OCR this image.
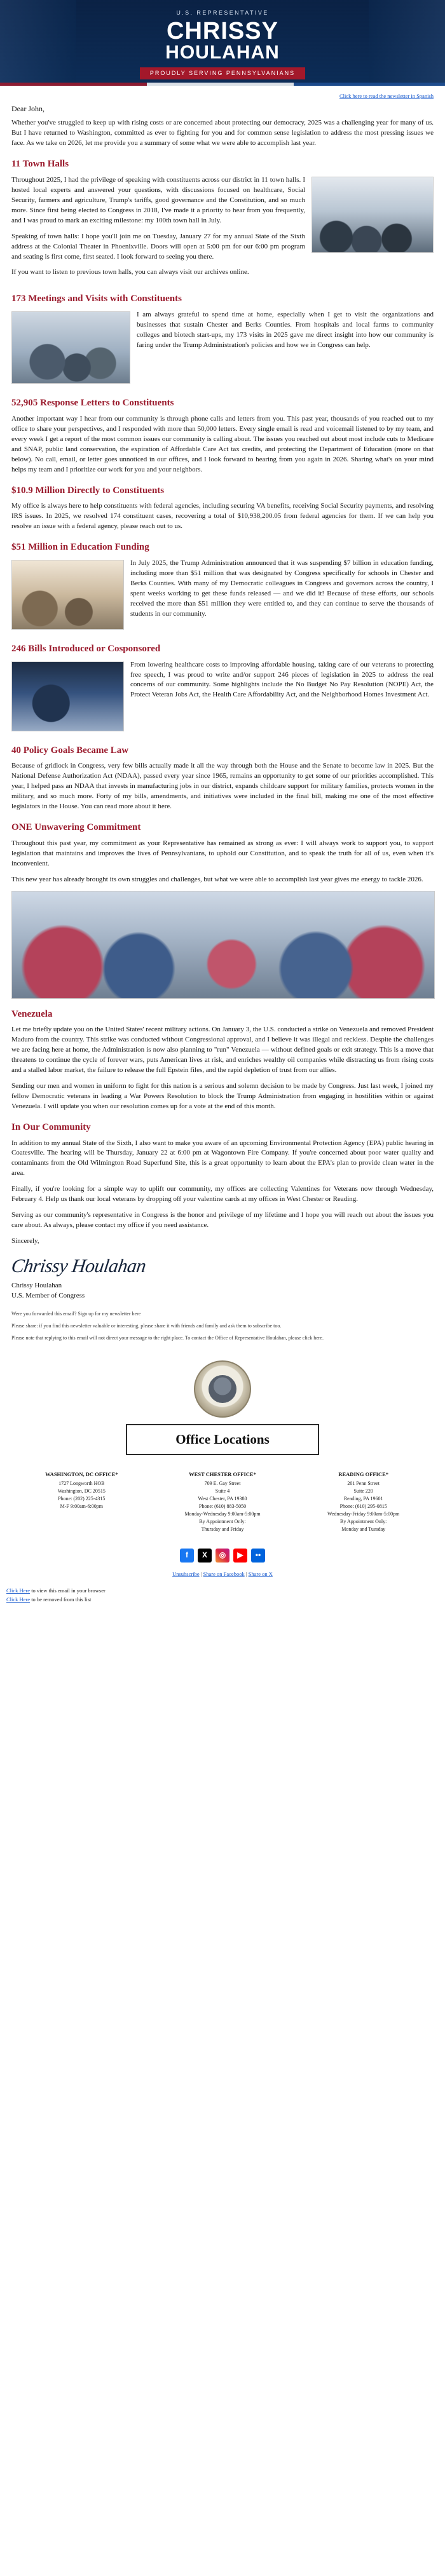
U.S. REPRESENTATIVE
CHRISSY
HOULAHAN
PROUDLY SERVING PENNSYLVANIANS
Click here to read the newsletter in Spanish

Dear John,

Whether you've struggled to keep up with rising costs or are concerned about protecting our democracy, 2025 was a challenging year for many of us. But I have returned to Washington, committed as ever to fighting for you and for common sense legislation to address the most pressing issues we face. As we take on 2026, let me provide you a summary of some what we were able to accomplish last year.

11 Town Halls

Throughout 2025, I had the privilege of speaking with constituents across our district in 11 town halls. I hosted local experts and answered your questions, with discussions focused on healthcare, Social Security, farmers and agriculture, Trump's tariffs, good governance and the Constitution, and so much more. Since first being elected to Congress in 2018, I've made it a priority to hear from you frequently, and I was proud to mark an exciting milestone: my 100th town hall in July.

Speaking of town halls: I hope you'll join me on Tuesday, January 27 for my annual State of the Sixth address at the Colonial Theater in Phoenixville. Doors will open at 5:00 pm for our 6:00 pm program and seating is first come, first seated. I look forward to seeing you there.

If you want to listen to previous town halls, you can always visit our archives online.

173 Meetings and Visits with Constituents

I am always grateful to spend time at home, especially when I get to visit the organizations and businesses that sustain Chester and Berks Counties. From hospitals and local farms to community colleges and biotech start-ups, my 173 visits in 2025 gave me direct insight into how our community is faring under the Trump Administration's policies and how we in Congress can help.

52,905 Response Letters to Constituents

Another important way I hear from our community is through phone calls and letters from you. This past year, thousands of you reached out to my office to share your perspectives, and I responded with more than 50,000 letters. Every single email is read and voicemail listened to by my team, and every week I get a report of the most common issues our community is calling about. The issues you reached out about most include cuts to Medicare and SNAP, public land conservation, the expiration of Affordable Care Act tax credits, and protecting the Department of Education (more on that below). No call, email, or letter goes unnoticed in our offices, and I look forward to hearing from you again in 2026. Sharing what's on your mind helps my team and I prioritize our work for you and your neighbors.

$10.9 Million Directly to Constituents

My office is always here to help constituents with federal agencies, including securing VA benefits, receiving Social Security payments, and resolving IRS issues. In 2025, we resolved 174 constituent cases, recovering a total of $10,938,200.05 from federal agencies for them. If we can help you resolve an issue with a federal agency, please reach out to us.

$51 Million in Education Funding

In July 2025, the Trump Administration announced that it was suspending $7 billion in education funding, including more than $51 million that was designated by Congress specifically for schools in Chester and Berks Counties. With many of my Democratic colleagues in Congress and governors across the country, I spent weeks working to get these funds released — and we did it! Because of these efforts, our schools received the more than $51 million they were entitled to, and they can continue to serve the thousands of students in our community.

246 Bills Introduced or Cosponsored

From lowering healthcare costs to improving affordable housing, taking care of our veterans to protecting free speech, I was proud to write and/or support 246 pieces of legislation in 2025 to address the real concerns of our community. Some highlights include the No Budget No Pay Resolution (NOPE) Act, the Protect Veteran Jobs Act, the Health Care Affordability Act, and the Neighborhood Homes Investment Act.

40 Policy Goals Became Law

Because of gridlock in Congress, very few bills actually made it all the way through both the House and the Senate to become law in 2025. But the National Defense Authorization Act (NDAA), passed every year since 1965, remains an opportunity to get some of our priorities accomplished. This year, I helped pass an NDAA that invests in manufacturing jobs in our district, expands childcare support for military families, protects women in the military, and so much more. Forty of my bills, amendments, and initiatives were included in the final bill, making me one of the most effective legislators in the House. You can read more about it here.

ONE Unwavering Commitment

Throughout this past year, my commitment as your Representative has remained as strong as ever: I will always work to support you, to support legislation that maintains and improves the lives of Pennsylvanians, to uphold our Constitution, and to speak the truth for all of us, even when it's inconvenient.

This new year has already brought its own struggles and challenges, but what we were able to accomplish last year gives me energy to tackle 2026.

Venezuela

Let me briefly update you on the United States' recent military actions. On January 3, the U.S. conducted a strike on Venezuela and removed President Maduro from the country. This strike was conducted without Congressional approval, and I believe it was illegal and reckless. Despite the challenges we are facing here at home, the Administration is now also planning to "run" Venezuela — without defined goals or exit strategy. This is a move that threatens to continue the cycle of forever wars, puts American lives at risk, and enriches wealthy oil companies while distracting us from rising costs and a stalled labor market, the failure to release the full Epstein files, and the rapid depletion of trust from our allies.

Sending our men and women in uniform to fight for this nation is a serious and solemn decision to be made by Congress. Just last week, I joined my fellow Democratic veterans in leading a War Powers Resolution to block the Trump Administration from engaging in hostilities within or against Venezuela. I will update you when our resolution comes up for a vote at the end of this month.

In Our Community

In addition to my annual State of the Sixth, I also want to make you aware of an upcoming Environmental Protection Agency (EPA) public hearing in Coatesville. The hearing will be Thursday, January 22 at 6:00 pm at Wagontown Fire Company. If you're concerned about poor water quality and contaminants from the Old Wilmington Road Superfund Site, this is a great opportunity to learn about the EPA's plan to provide clean water in the area.

Finally, if you're looking for a simple way to uplift our community, my offices are collecting Valentines for Veterans now through Wednesday, February 4. Help us thank our local veterans by dropping off your valentine cards at my offices in West Chester or Reading.

Serving as our community's representative in Congress is the honor and privilege of my lifetime and I hope you will reach out about the issues you care about. As always, please contact my office if you need assistance.

Sincerely,

Chrissy Houlahan

Chrissy Houlahan

U.S. Member of Congress

Were you forwarded this email? Sign up for my newsletter here

Please share: if you find this newsletter valuable or interesting, please share it with friends and family and ask them to subscribe too.

Please note that replying to this email will not direct your message to the right place. To contact the Office of Representative Houlahan, please click here.

Office Locations
WASHINGTON, DC OFFICE*
1727 Longworth HOB
Washington, DC 20515
Phone: (202) 225-4315
M-F 9:00am-6:00pm
WEST CHESTER OFFICE*
709 E. Gay Street
Suite 4
West Chester, PA 19380
Phone: (610) 883-5050
Monday-Wednesday 9:00am-5:00pm
By Appointment Only:
Thursday and Friday
READING OFFICE*
201 Penn Street
Suite 220
Reading, PA 19601
Phone: (610) 295-0815
Wednesday-Friday 9:00am-5:00pm
By Appointment Only:
Monday and Tuesday
f	X	◎	▶	••
Unsubscribe | Share on Facebook | Share on X
Click Here to view this email in your browser
Click Here to be removed from this list
